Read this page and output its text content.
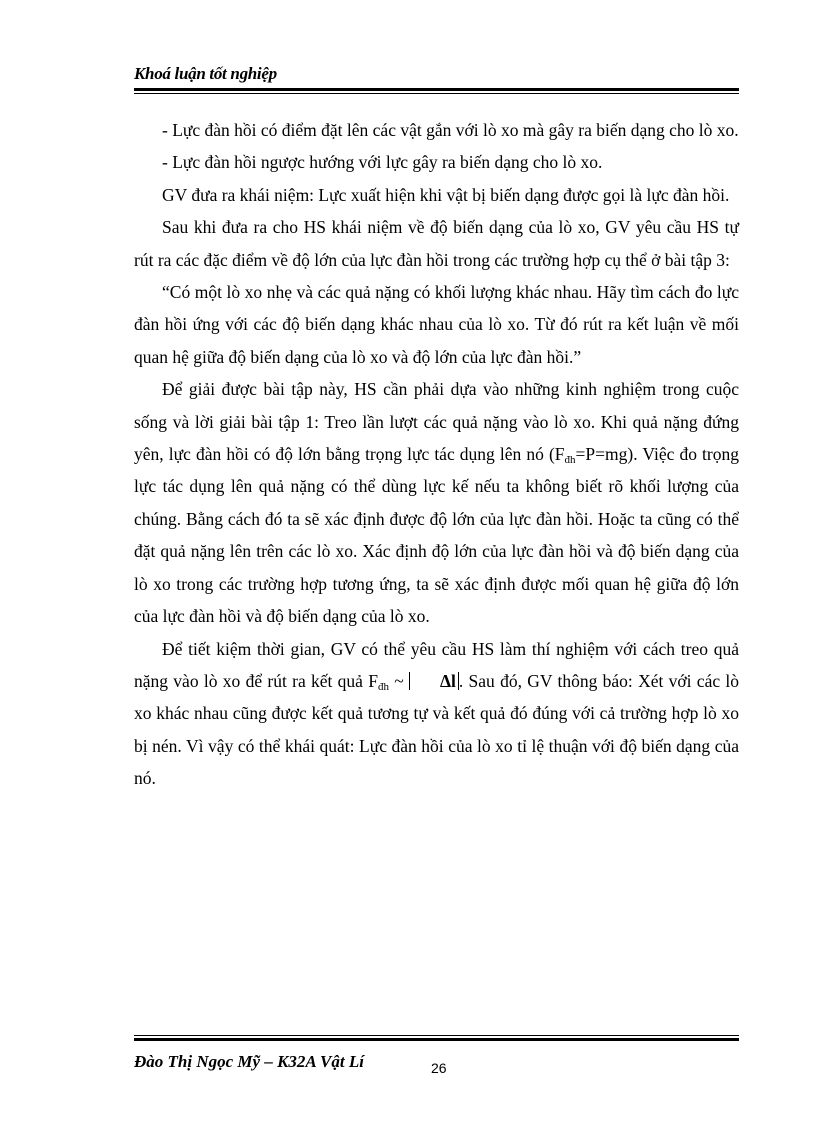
Khoá luận tốt nghiệp

- Lực đàn hồi có điểm đặt lên các vật gắn với lò xo mà gây ra biến dạng cho lò xo.

- Lực đàn hồi ngược hướng với lực gây ra biến dạng cho lò xo.

GV đưa ra khái niệm: Lực xuất hiện khi vật bị biến dạng được gọi là lực đàn hồi.

Sau khi đưa ra cho HS khái niệm về độ biến dạng của lò xo, GV yêu cầu HS tự rút ra các đặc điểm về độ lớn của lực đàn hồi trong các trường hợp cụ thể ở bài tập 3:

“Có một lò xo nhẹ và các quả nặng có khối lượng khác nhau. Hãy tìm cách đo lực đàn hồi ứng với các độ biến dạng khác nhau của lò xo. Từ đó rút ra kết luận về mối quan hệ giữa độ biến dạng của lò xo và độ lớn của lực đàn hồi.”

Để giải được bài tập này, HS cần phải dựa vào những kinh nghiệm trong cuộc sống và lời giải bài tập 1: Treo lần lượt các quả nặng vào lò xo. Khi quả nặng đứng yên, lực đàn hồi có độ lớn bằng trọng lực tác dụng lên nó $(F_{đh}=P=mg)$. Việc đo trọng lực tác dụng lên quả nặng có thể dùng lực kế nếu ta không biết rõ khối lượng của chúng. Bằng cách đó ta sẽ xác định được độ lớn của lực đàn hồi. Hoặc ta cũng có thể đặt quả nặng lên trên các lò xo. Xác định độ lớn của lực đàn hồi và độ biến dạng của lò xo trong các trường hợp tương ứng, ta sẽ xác định được mối quan hệ giữa độ lớn của lực đàn hồi và độ biến dạng của lò xo.

Để tiết kiệm thời gian, GV có thể yêu cầu HS làm thí nghiệm với cách treo quả nặng vào lò xo để rút ra kết quả $F_{đh}$ ~ Δl . Sau đó, GV thông báo: Xét với các lò xo khác nhau cũng được kết quả tương tự và kết quả đó đúng với cả trường hợp lò xo bị nén. Vì vậy có thể khái quát: Lực đàn hồi của lò xo tỉ lệ thuận với độ biến dạng của nó.

Đào Thị Ngọc Mỹ – K32A Vật Lí	26
